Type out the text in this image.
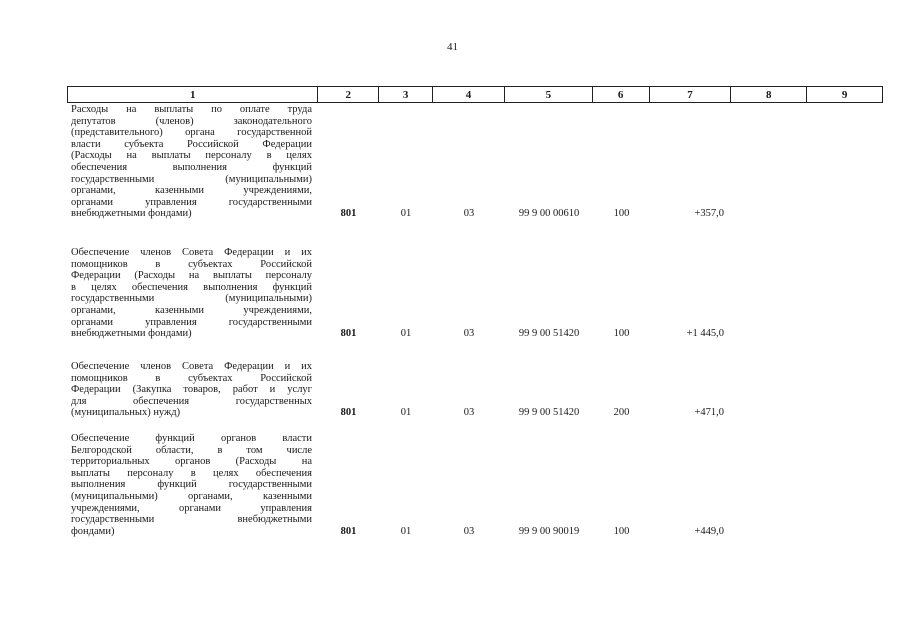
41
1	2	3	4	5	6	7	8	9
Расходы на выплаты по оплате труда
депутатов (членов) законодательного
(представительного) органа государственной
власти субъекта Российской Федерации
(Расходы на выплаты персоналу в целях
обеспечения выполнения функций
государственными (муниципальными)
органами, казенными учреждениями,
органами управления государственными
внебюджетными фондами)	801	01	03	99 9 00 00610	100	+357,0
Обеспечение членов Совета Федерации и их
помощников в субъектах Российской
Федерации (Расходы на выплаты персоналу
в целях обеспечения выполнения функций
государственными (муниципальными)
органами, казенными учреждениями,
органами управления государственными
внебюджетными фондами)	801	01	03	99 9 00 51420	100	+1 445,0
Обеспечение членов Совета Федерации и их
помощников в субъектах Российской
Федерации (Закупка товаров, работ и услуг
для обеспечения государственных
(муниципальных) нужд)	801	01	03	99 9 00 51420	200	+471,0
Обеспечение функций органов власти
Белгородской области, в том числе
территориальных органов (Расходы на
выплаты персоналу в целях обеспечения
выполнения функций государственными
(муниципальными) органами, казенными
учреждениями, органами управления
государственными внебюджетными
фондами)	801	01	03	99 9 00 90019	100	+449,0
